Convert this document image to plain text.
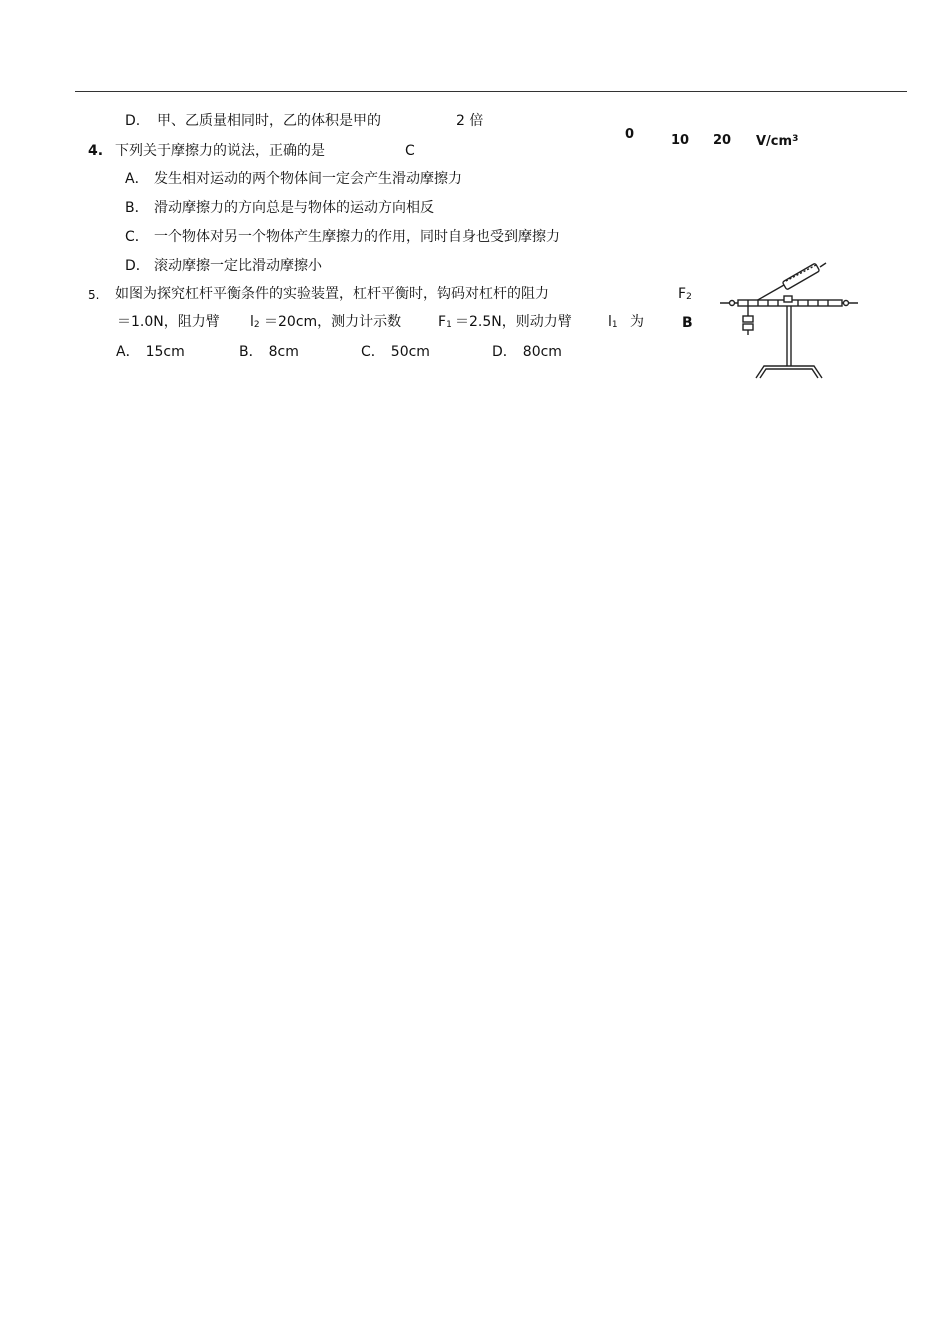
D. 甲、乙质量相同时，乙的体积是甲的	2 倍
0	10 20 $V/cm^3$
4. 下列关于摩擦力的说法，正确的是	C
A． 发生相对运动的两个物体间一定会产生滑动摩擦力
B． 滑动摩擦力的方向总是与物体的运动方向相反
C． 一个物体对另一个物体产生摩擦力的作用，同时自身也受到摩擦力
D． 滚动摩擦一定比滑动摩擦小
5. 如图为探究杠杆平衡条件的实验装置，杠杆平衡时，钩码对杠杆的阻力	F2
＝1.0N，阻力臂 l2 ＝20cm，测力计示数	F1 ＝2.5N，则动力臂	l1 为	B
A． 15cm	B． 8cm	C． 50cm	D． 80cm
